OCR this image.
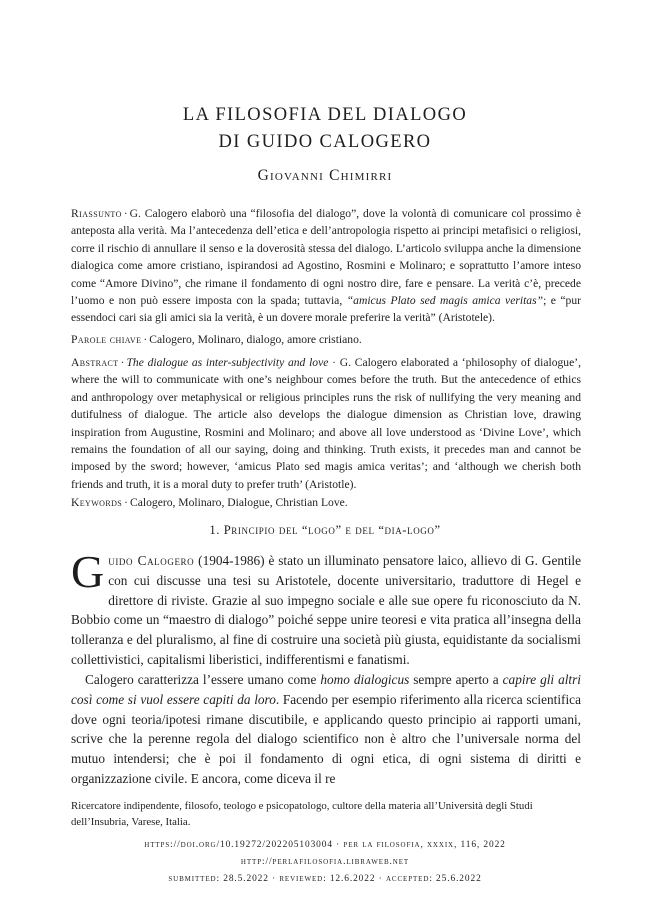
LA FILOSOFIA DEL DIALOGO
DI GUIDO CALOGERO
Giovanni Chimirri

Riassunto · G. Calogero elaborò una “filosofia del dialogo”, dove la volontà di comunicare col prossimo è anteposta alla verità. Ma l’antecedenza dell’etica e dell’antropologia rispetto ai principi metafisici o religiosi, corre il rischio di annullare il senso e la doverosità stessa del dialogo. L’articolo sviluppa anche la dimensione dialogica come amore cristiano, ispirandosi ad Agostino, Rosmini e Molinaro; e soprattutto l’amore inteso come “Amore Divino”, che rimane il fondamento di ogni nostro dire, fare e pensare. La verità c’è, precede l’uomo e non può essere imposta con la spada; tuttavia, “amicus Plato sed magis amica veritas”; e “pur essendoci cari sia gli amici sia la verità, è un dovere morale preferire la verità” (Aristotele).

Parole chiave · Calogero, Molinaro, dialogo, amore cristiano.

Abstract · The dialogue as inter-subjectivity and love · G. Calogero elaborated a ‘philosophy of dialogue’, where the will to communicate with one’s neighbour comes before the truth. But the antecedence of ethics and anthropology over metaphysical or religious principles runs the risk of nullifying the very meaning and dutifulness of dialogue. The article also develops the dialogue dimension as Christian love, drawing inspiration from Augustine, Rosmini and Molinaro; and above all love understood as ‘Divine Love’, which remains the foundation of all our saying, doing and thinking. Truth exists, it precedes man and cannot be imposed by the sword; however, ‘amicus Plato sed magis amica veritas’; and ‘although we cherish both friends and truth, it is a moral duty to prefer truth’ (Aristotle).

Keywords · Calogero, Molinaro, Dialogue, Christian Love.

1. Principio del “logo” e del “dia-logo”

Guido Calogero (1904-1986) è stato un illuminato pensatore laico, allievo di G. Gentile con cui discusse una tesi su Aristotele, docente universitario, traduttore di Hegel e direttore di riviste. Grazie al suo impegno sociale e alle sue opere fu riconosciuto da N. Bobbio come un “maestro di dialogo” poiché seppe unire teoresi e vita pratica all’insegna della tolleranza e del pluralismo, al fine di costruire una società più giusta, equidistante da socialismi collettivistici, capitalismi liberistici, indifferentismi e fanatismi.

Calogero caratterizza l’essere umano come homo dialogicus sempre aperto a capire gli altri così come si vuol essere capiti da loro. Facendo per esempio riferimento alla ricerca scientifica dove ogni teoria/ipotesi rimane discutibile, e applicando questo principio ai rapporti umani, scrive che la perenne regola del dialogo scientifico non è altro che l’universale norma del mutuo intendersi; che è poi il fondamento di ogni etica, di ogni sistema di diritti e organizzazione civile. E ancora, come diceva il re

Ricercatore indipendente, filosofo, teologo e psicopatologo, cultore della materia all’Università degli Studi dell’Insubria, Varese, Italia.

https://doi.org/10.19272/202205103004 · per la filosofia, xxxix, 116, 2022

http://perlafilosofia.libraweb.net

submitted: 28.5.2022 · reviewed: 12.6.2022 · accepted: 25.6.2022
